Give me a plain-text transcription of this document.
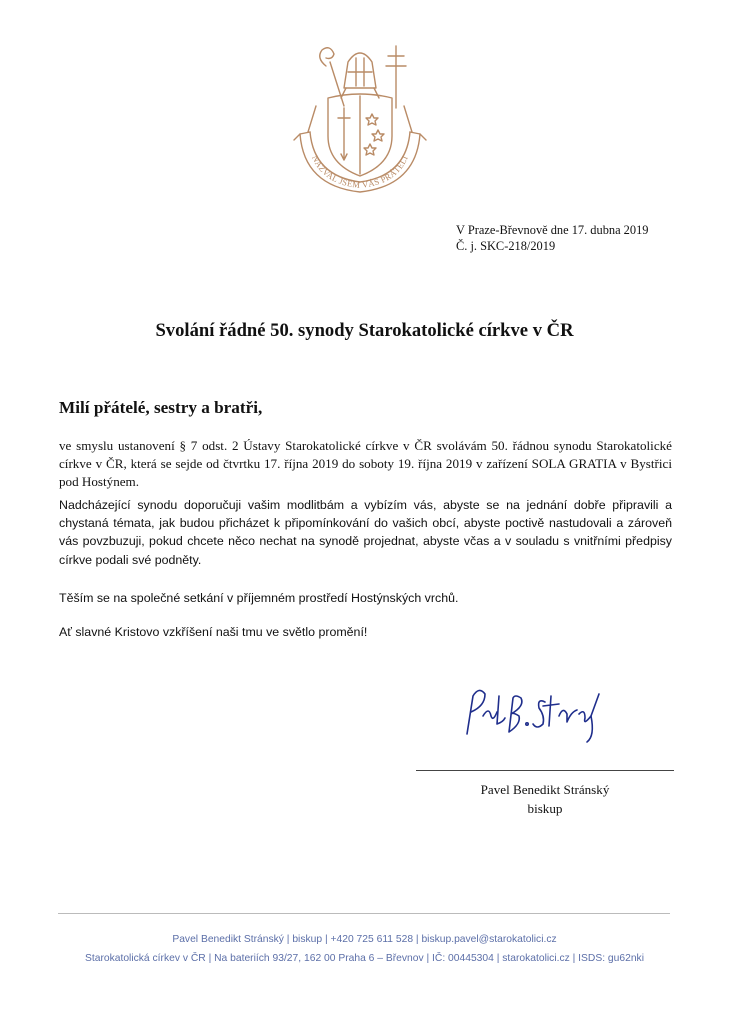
NAZVAL JSEM VÁS PŘÁTELI
V Praze-Břevnově dne 17. dubna 2019
Č. j. SKC-218/2019
Svolání řádné 50. synody Starokatolické církve v ČR
Milí přátelé, sestry a bratři,

ve smyslu ustanovení § 7 odst. 2 Ústavy Starokatolické církve v ČR svolávám 50. řádnou synodu Starokatolické církve v ČR, která se sejde od čtvrtku 17. října 2019 do soboty 19. října 2019 v zařízení SOLA GRATIA v Bystřici pod Hostýnem.

Nadcházející synodu doporučuji vašim modlitbám a vybízím vás, abyste se na jednání dobře připravili a chystaná témata, jak budou přicházet k připomínkování do vašich obcí, abyste poctivě nastudovali a zároveň vás povzbuzuji, pokud chcete něco nechat na synodě projednat, abyste včas a v souladu s vnitřními předpisy církve podali své podněty.

Těším se na společné setkání v příjemném prostředí Hostýnských vrchů.

Ať slavné Kristovo vzkříšení naši tmu ve světlo promění!

Pavel Benedikt Stránský
biskup
Pavel Benedikt Stránský | biskup | +420 725 611 528 | biskup.pavel@starokatolici.cz
Starokatolická církev v ČR | Na bateriích 93/27, 162 00 Praha 6 – Břevnov | IČ: 00445304 | starokatolici.cz | ISDS: gu62nki
